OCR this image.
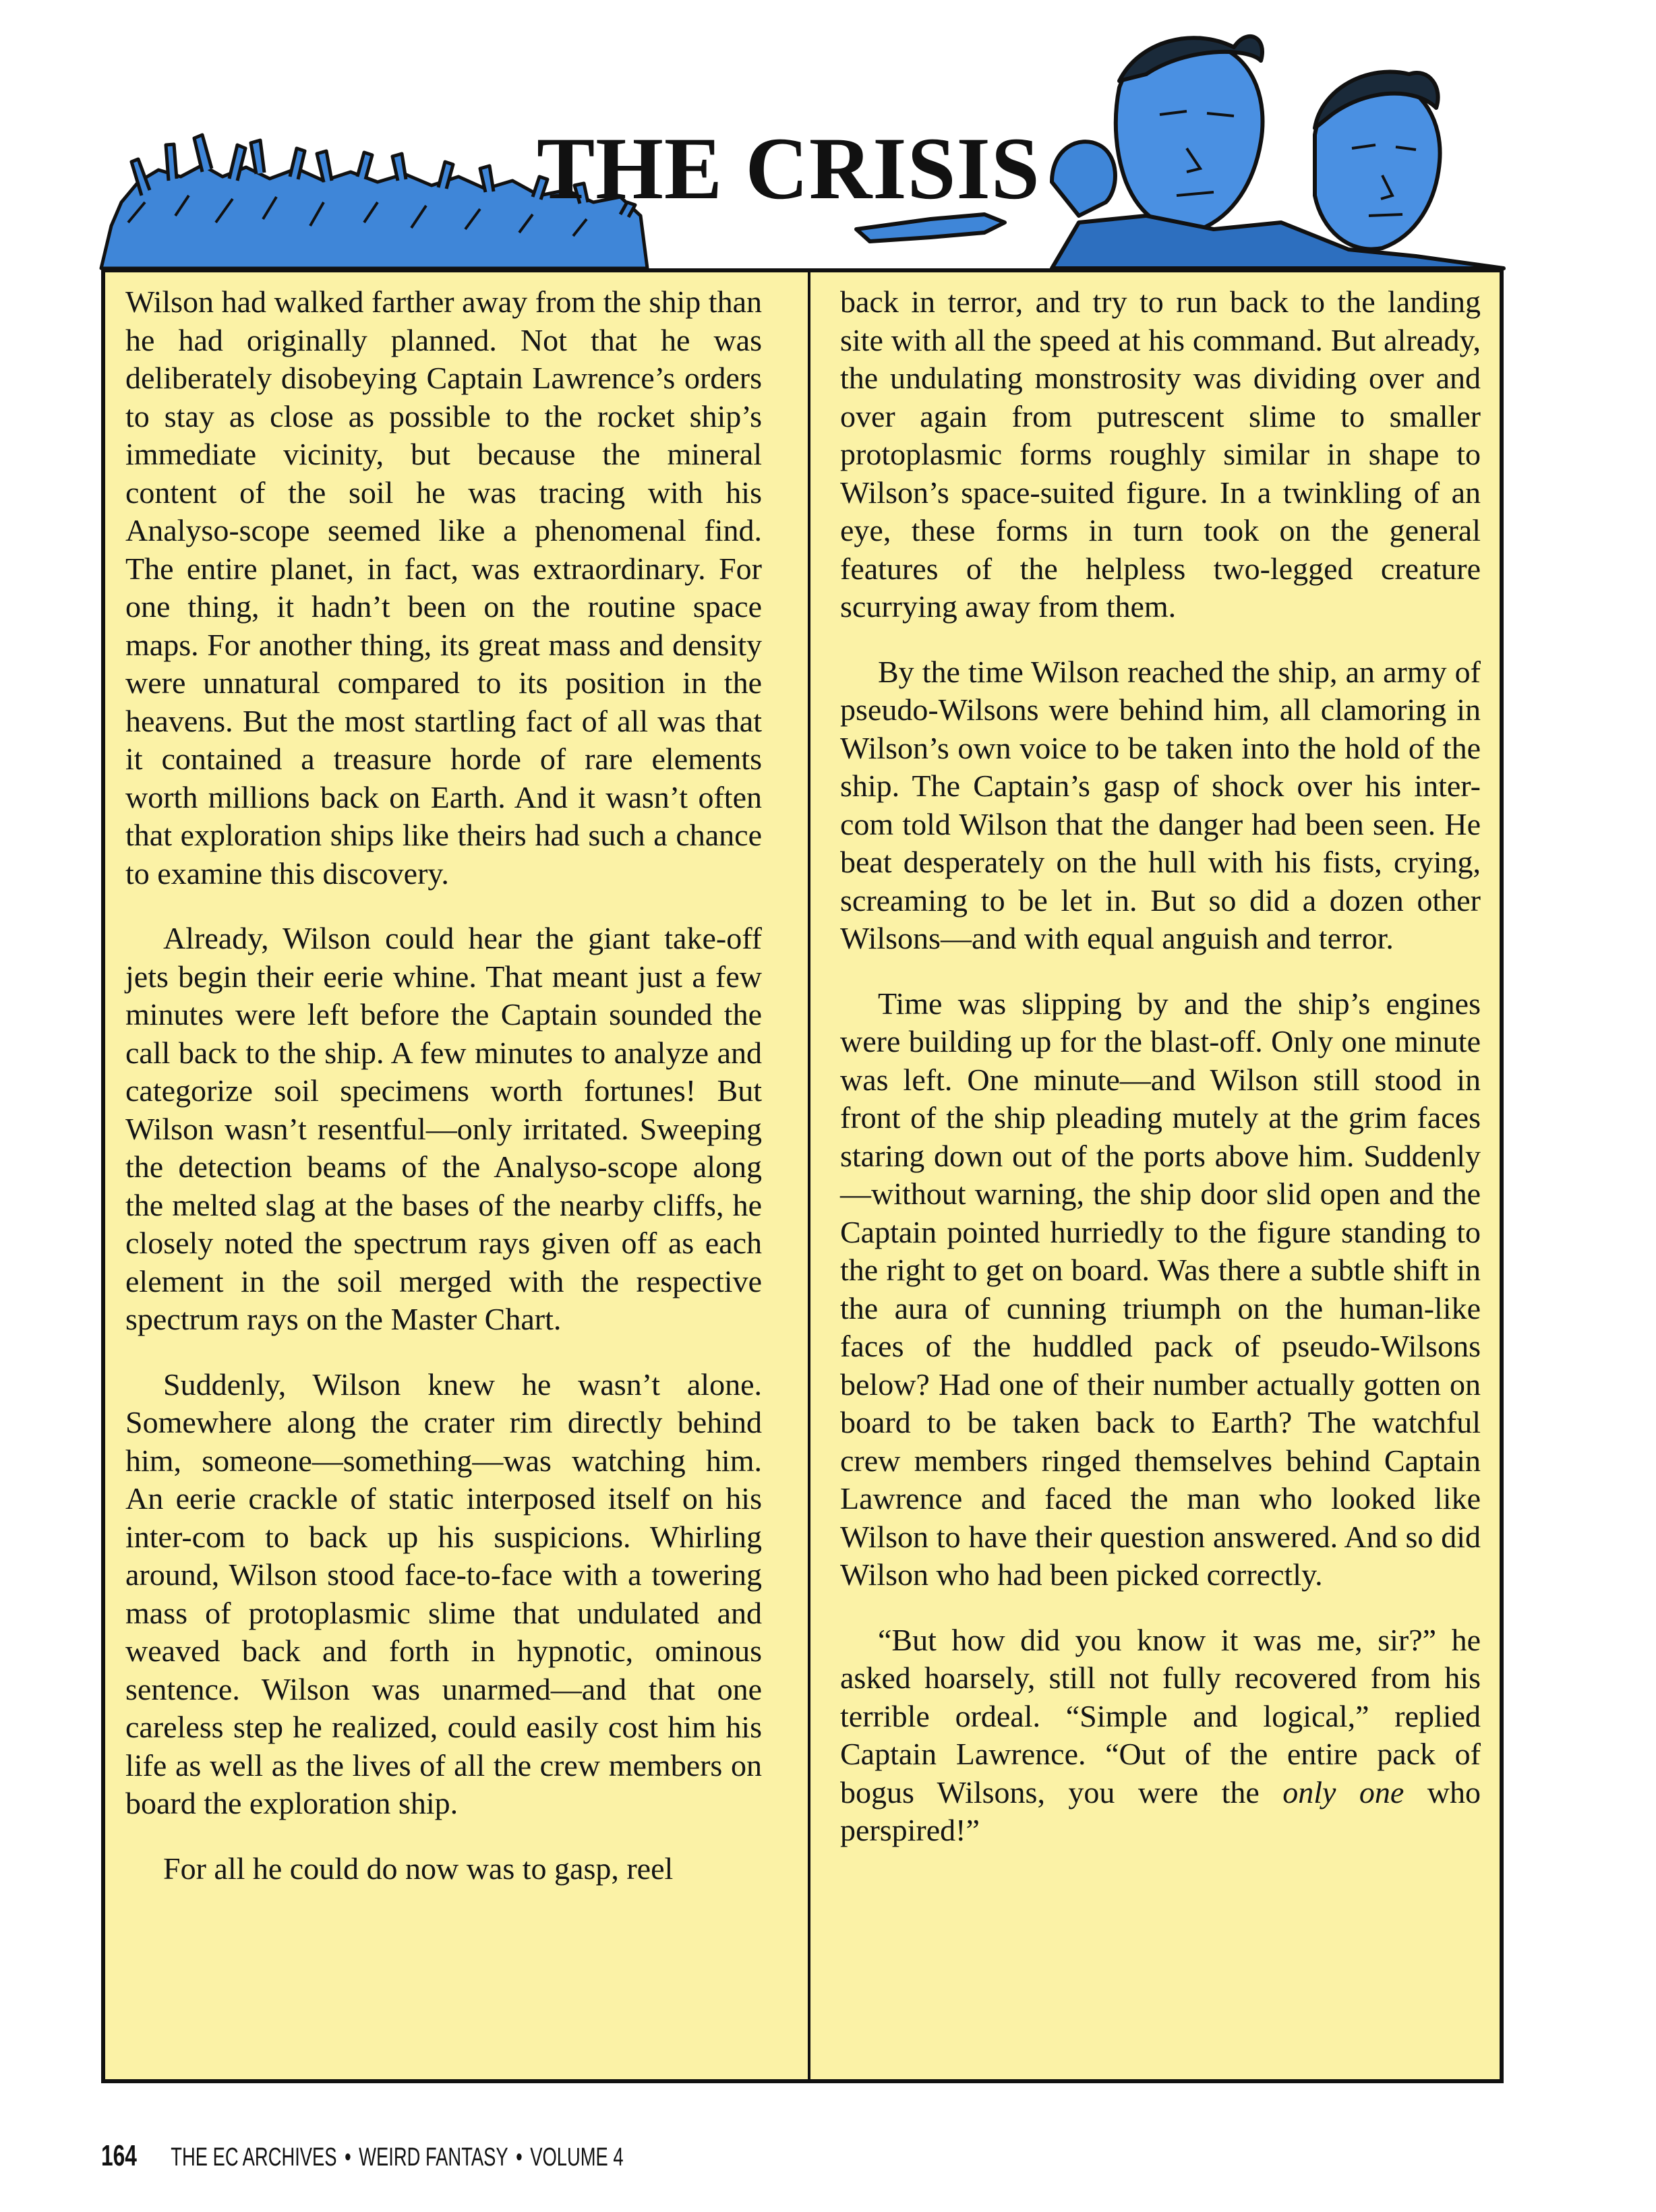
THE CRISIS

Wilson had walked farther away from the ship than he had originally planned. Not that he was deliberately disobeying Captain Lawrence’s orders to stay as close as possible to the rocket ship’s immediate vicinity, but because the mineral content of the soil he was tracing with his Analyso-scope seemed like a phenomenal find. The entire planet, in fact, was extraordinary. For one thing, it hadn’t been on the routine space maps. For another thing, its great mass and density were unnatural compared to its position in the heavens. But the most startling fact of all was that it contained a treasure horde of rare elements worth millions back on Earth. And it wasn’t often that exploration ships like theirs had such a chance to examine this discovery.

Already, Wilson could hear the giant take-off jets begin their eerie whine. That meant just a few minutes were left before the Captain sounded the call back to the ship. A few minutes to analyze and categorize soil specimens worth fortunes! But Wilson wasn’t resentful—only irritated. Sweeping the detection beams of the Analyso-scope along the melted slag at the bases of the nearby cliffs, he closely noted the spectrum rays given off as each element in the soil merged with the respective spectrum rays on the Master Chart.

Suddenly, Wilson knew he wasn’t alone. Somewhere along the crater rim directly behind him, someone—something—was watching him. An eerie crackle of static interposed itself on his inter-com to back up his suspicions. Whirling around, Wilson stood face-to-face with a towering mass of protoplasmic slime that undulated and weaved back and forth in hypnotic, ominous sentence. Wilson was unarmed—and that one careless step he realized, could easily cost him his life as well as the lives of all the crew members on board the exploration ship.

For all he could do now was to gasp, reel

back in terror, and try to run back to the landing site with all the speed at his command. But already, the undulating monstrosity was dividing over and over again from putrescent slime to smaller protoplasmic forms roughly similar in shape to Wilson’s space-suited figure. In a twinkling of an eye, these forms in turn took on the general features of the helpless two-legged creature scurrying away from them.

By the time Wilson reached the ship, an army of pseudo-Wilsons were behind him, all clamoring in Wilson’s own voice to be taken into the hold of the ship. The Captain’s gasp of shock over his inter-com told Wilson that the danger had been seen. He beat desperately on the hull with his fists, crying, screaming to be let in. But so did a dozen other Wilsons—and with equal anguish and terror.

Time was slipping by and the ship’s engines were building up for the blast-off. Only one minute was left. One minute—and Wilson still stood in front of the ship pleading mutely at the grim faces staring down out of the ports above him. Suddenly—without warning, the ship door slid open and the Captain pointed hurriedly to the figure standing to the right to get on board. Was there a subtle shift in the aura of cunning triumph on the human-like faces of the huddled pack of pseudo-Wilsons below? Had one of their number actually gotten on board to be taken back to Earth? The watchful crew members ringed themselves behind Captain Lawrence and faced the man who looked like Wilson to have their question answered. And so did Wilson who had been picked correctly.

“But how did you know it was me, sir?” he asked hoarsely, still not fully recovered from his terrible ordeal. “Simple and logical,” replied Captain Lawrence. “Out of the entire pack of bogus Wilsons, you were the only one who perspired!”

164 THE EC ARCHIVES • WEIRD FANTASY • VOLUME 4
